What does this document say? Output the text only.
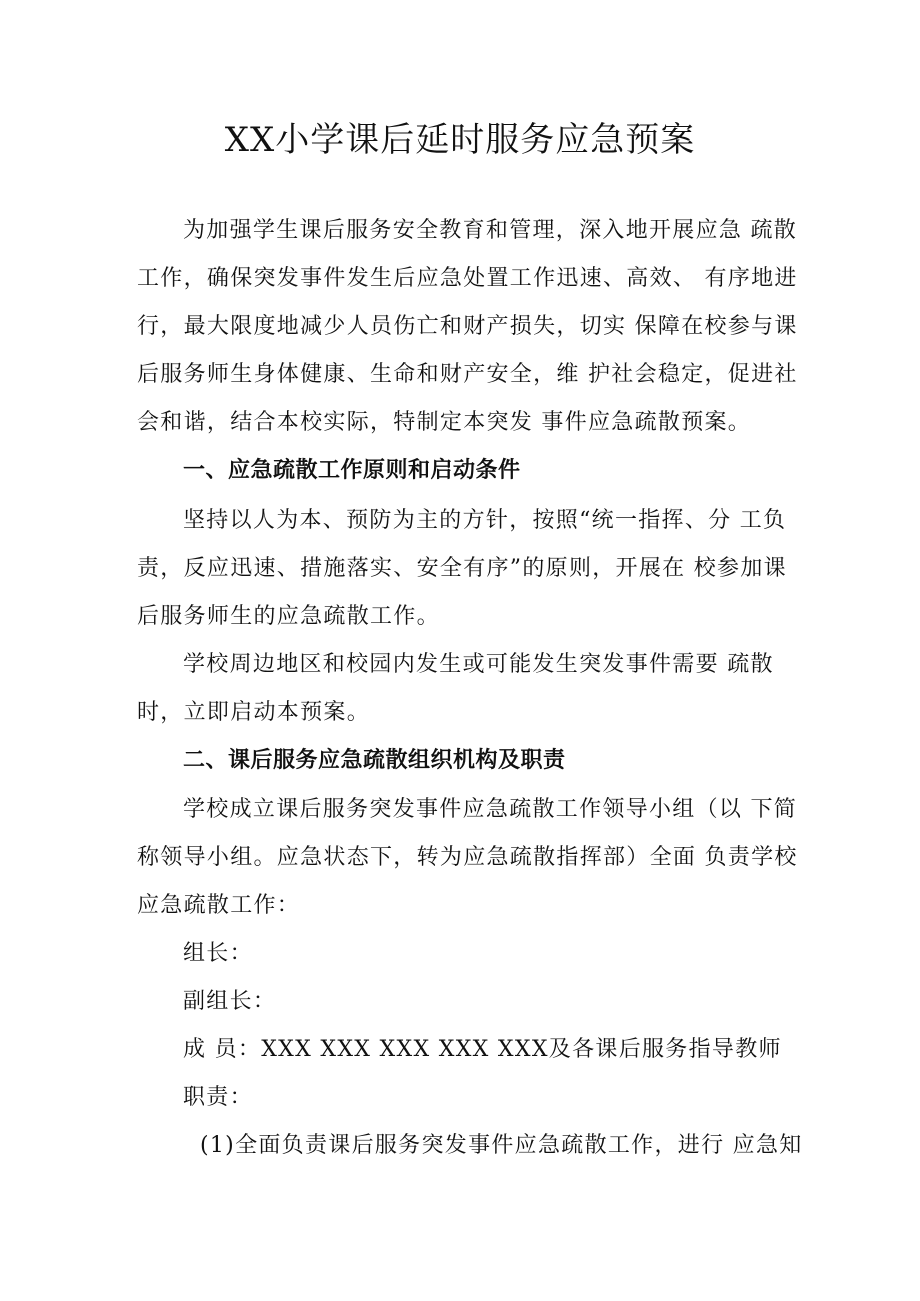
XX小学课后延时服务应急预案
为加强学生课后服务安全教育和管理，深入地开展应急 疏散
工作，确保突发事件发生后应急处置工作迅速、高效、 有序地进
行，最大限度地减少人员伤亡和财产损失，切实 保障在校参与课
后服务师生身体健康、生命和财产安全，维 护社会稳定，促进社
会和谐，结合本校实际，特制定本突发 事件应急疏散预案。
一、应急疏散工作原则和启动条件
坚持以人为本、预防为主的方针，按照“统一指挥、分 工负
责，反应迅速、措施落实、安全有序”的原则，开展在 校参加课
后服务师生的应急疏散工作。
学校周边地区和校园内发生或可能发生突发事件需要 疏散
时，立即启动本预案。
二、课后服务应急疏散组织机构及职责
学校成立课后服务突发事件应急疏散工作领导小组（以 下简
称领导小组。应急状态下，转为应急疏散指挥部）全面 负责学校
应急疏散工作：
组长：
副组长：
成 员：XXX XXX XXX XXX XXX及各课后服务指导教师
职责：
(1)全面负责课后服务突发事件应急疏散工作，进行 应急知
